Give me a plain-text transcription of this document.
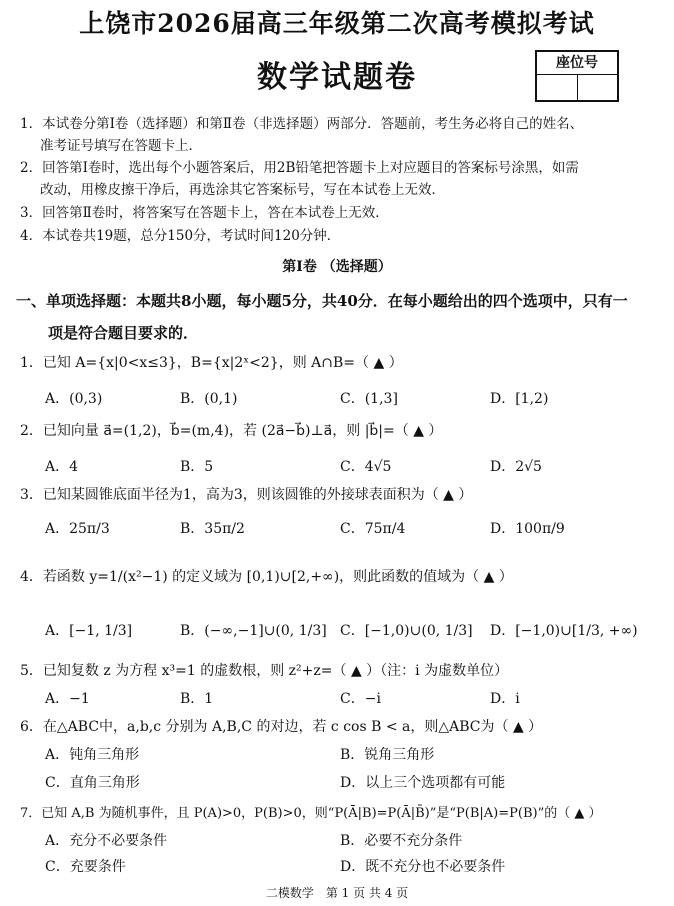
上饶市2026届高三年级第二次高考模拟考试
数学试题卷	座位号
1．本试卷分第Ⅰ卷（选择题）和第Ⅱ卷（非选择题）两部分．答题前，考生务必将自己的姓名、
准考证号填写在答题卡上．
2．回答第Ⅰ卷时，选出每个小题答案后，用2B铅笔把答题卡上对应题目的答案标号涂黑，如需
改动，用橡皮擦干净后，再选涂其它答案标号，写在本试卷上无效．
3．回答第Ⅱ卷时，将答案写在答题卡上，答在本试卷上无效．
4．本试卷共19题，总分150分，考试时间120分钟．
第Ⅰ卷 （选择题）
一、单项选择题：本题共8小题，每小题5分，共40分．在每小题给出的四个选项中，只有一
项是符合题目要求的．
1．已知 A={x|0<x≤3}，B={x|2ˣ<2}，则 A∩B=（ ▲ ）
A．(0,3)	B．(0,1)	C．(1,3]	D．[1,2)
2．已知向量 a⃗=(1,2)，b⃗=(m,4)，若 (2a⃗−b⃗)⊥a⃗，则 |b⃗|=（ ▲ ）
A．4	B．5	C．4√5	D．2√5
3．已知某圆锥底面半径为1，高为3，则该圆锥的外接球表面积为（ ▲ ）
A．25π/3	B．35π/2	C．75π/4	D．100π/9
4．若函数 y=1/(x²−1) 的定义域为 [0,1)∪[2,+∞)，则此函数的值域为（ ▲ ）
A．[−1, 1/3]	B．(−∞,−1]∪(0, 1/3] C．[−1,0)∪(0, 1/3] D．[−1,0)∪[1/3, +∞)
5．已知复数 z 为方程 x³=1 的虚数根，则 z²+z=（ ▲ ）（注：i 为虚数单位）
A．−1	B．1	C．−i	D．i
6．在△ABC中，a,b,c 分别为 A,B,C 的对边，若 c cos B < a，则△ABC为（ ▲ ）
A．钝角三角形	B．锐角三角形
C．直角三角形	D．以上三个选项都有可能
7．已知 A,B 为随机事件，且 P(A)>0，P(B)>0，则“P(Ā|B)=P(Ā|B̄)”是“P(B|A)=P(B)”的（ ▲ ）
A．充分不必要条件	B．必要不充分条件
C．充要条件	D．既不充分也不必要条件
二模数学　第 1 页 共 4 页
